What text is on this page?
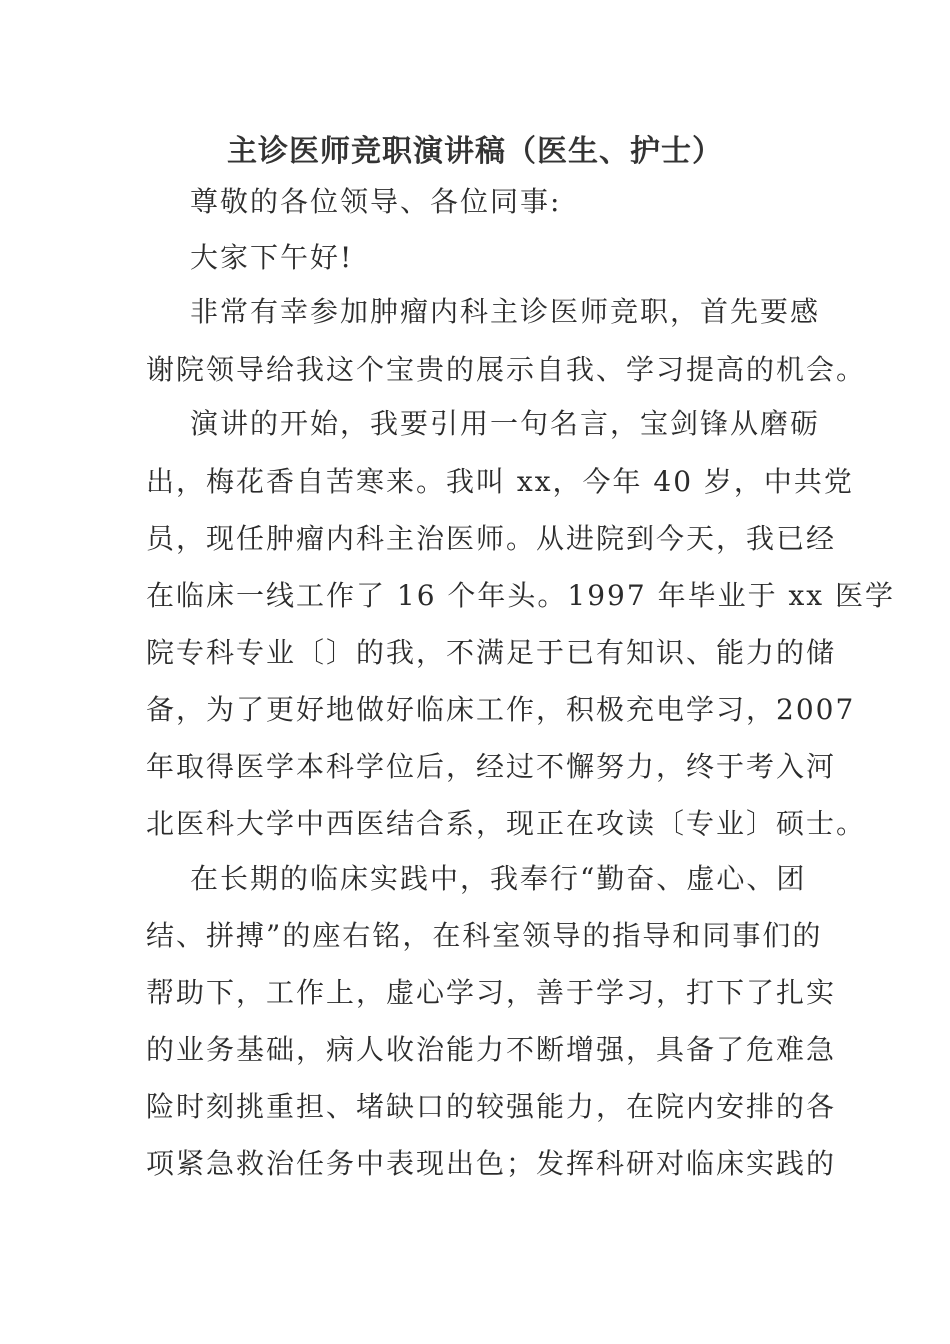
主诊医师竞职演讲稿（医生、护士）
尊敬的各位领导、各位同事:
大家下午好!
非常有幸参加肿瘤内科主诊医师竞职，首先要感
谢院领导给我这个宝贵的展示自我、学习提高的机会。
演讲的开始，我要引用一句名言，宝剑锋从磨砺
出，梅花香自苦寒来。我叫 xx，今年 40 岁，中共党
员，现任肿瘤内科主治医师。从进院到今天，我已经
在临床一线工作了 16 个年头。1997 年毕业于 xx 医学
院专科专业〔〕的我，不满足于已有知识、能力的储
备，为了更好地做好临床工作，积极充电学习，2007
年取得医学本科学位后，经过不懈努力，终于考入河
北医科大学中西医结合系，现正在攻读〔专业〕硕士。
在长期的临床实践中，我奉行“勤奋、虚心、团
结、拼搏”的座右铭，在科室领导的指导和同事们的
帮助下，工作上，虚心学习，善于学习，打下了扎实
的业务基础，病人收治能力不断增强，具备了危难急
险时刻挑重担、堵缺口的较强能力，在院内安排的各
项紧急救治任务中表现出色；发挥科研对临床实践的
